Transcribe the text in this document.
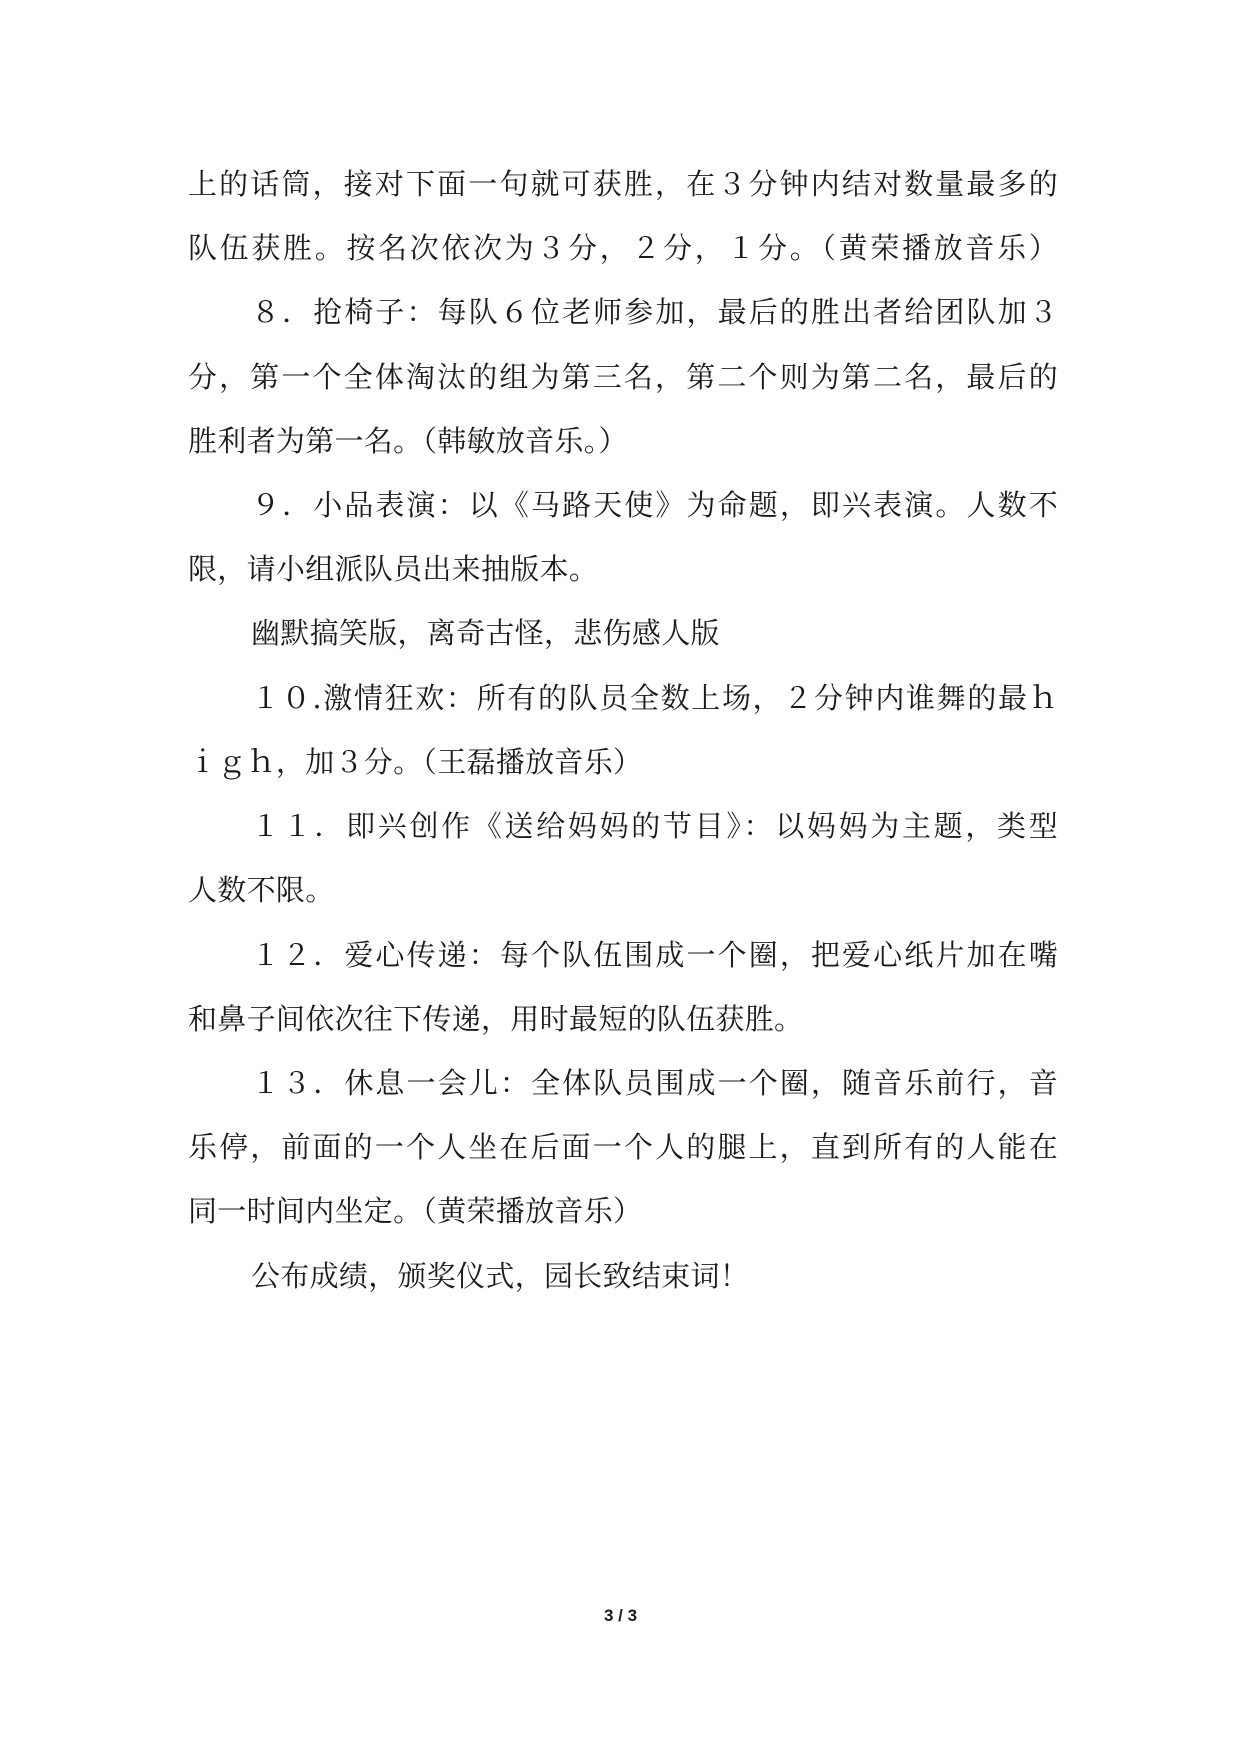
上的话筒，接对下面一句就可获胜，在３分钟内结对数量最多的
队伍获胜。按名次依次为３分，２分，１分。（黄荣播放音乐）
８．抢椅子：每队６位老师参加，最后的胜出者给团队加３
分，第一个全体淘汰的组为第三名，第二个则为第二名，最后的
胜利者为第一名。（韩敏放音乐。）
９．小品表演：以《马路天使》为命题，即兴表演。人数不
限，请小组派队员出来抽版本。
幽默搞笑版，离奇古怪，悲伤感人版
１０.激情狂欢：所有的队员全数上场，２分钟内谁舞的最ｈ
ｉｇｈ，加３分。（王磊播放音乐）
１１．即兴创作《送给妈妈的节目》：以妈妈为主题，类型
人数不限。
１２．爱心传递：每个队伍围成一个圈，把爱心纸片加在嘴
和鼻子间依次往下传递，用时最短的队伍获胜。
１３．休息一会儿：全体队员围成一个圈，随音乐前行，音
乐停，前面的一个人坐在后面一个人的腿上，直到所有的人能在
同一时间内坐定。（黄荣播放音乐）
公布成绩，颁奖仪式，园长致结束词！
3 / 3
